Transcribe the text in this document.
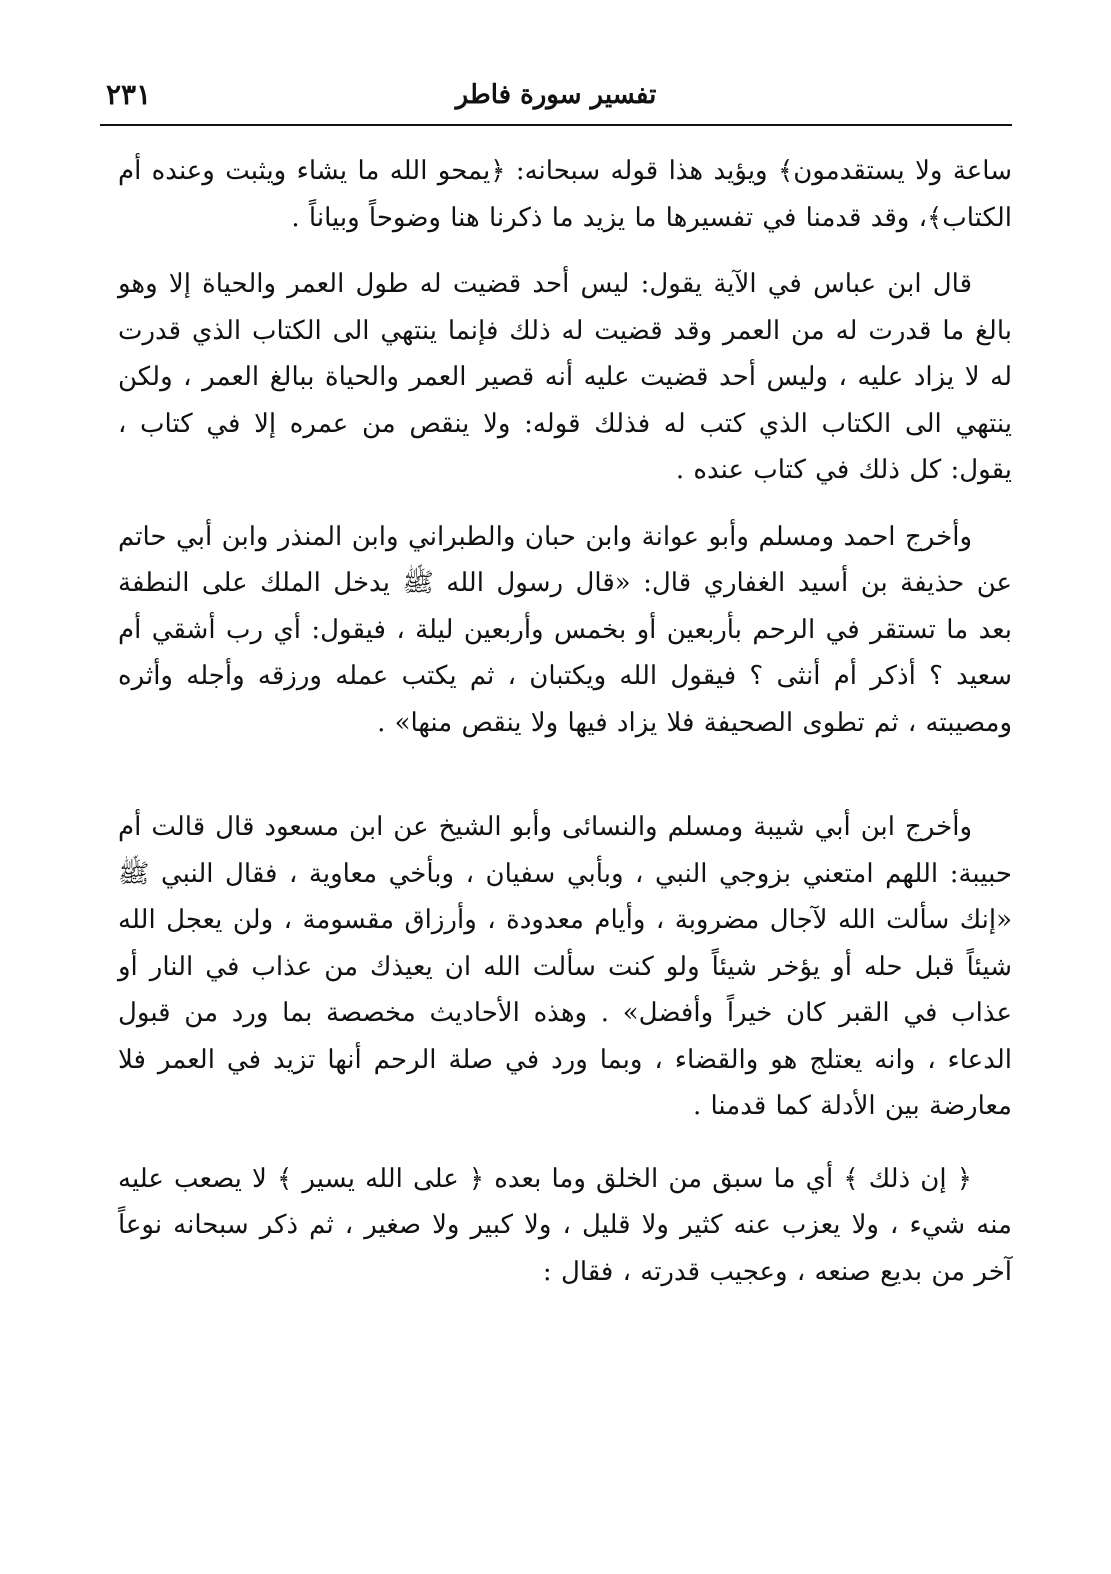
تفسير سورة فاطر
٢٣١

ساعة ولا يستقدمون﴾ ويؤيد هذا قوله سبحانه: ﴿يمحو الله ما يشاء ويثبت وعنده أم الكتاب﴾، وقد قدمنا في تفسيرها ما يزيد ما ذكرنا هنا وضوحاً وبياناً .

قال ابن عباس في الآية يقول: ليس أحد قضيت له طول العمر والحياة إلا وهو بالغ ما قدرت له من العمر وقد قضيت له ذلك فإنما ينتهي الى الكتاب الذي قدرت له لا يزاد عليه ، وليس أحد قضيت عليه أنه قصير العمر والحياة ببالغ العمر ، ولكن ينتهي الى الكتاب الذي كتب له فذلك قوله: ولا ينقص من عمره إلا في كتاب ، يقول: كل ذلك في كتاب عنده .

وأخرج احمد ومسلم وأبو عوانة وابن حبان والطبراني وابن المنذر وابن أبي حاتم عن حذيفة بن أسيد الغفاري قال: «قال رسول الله ﷺ يدخل الملك على النطفة بعد ما تستقر في الرحم بأربعين أو بخمس وأربعين ليلة ، فيقول: أي رب أشقي أم سعيد ؟ أذكر أم أنثى ؟ فيقول الله ويكتبان ، ثم يكتب عمله ورزقه وأجله وأثره ومصيبته ، ثم تطوى الصحيفة فلا يزاد فيها ولا ينقص منها» .

وأخرج ابن أبي شيبة ومسلم والنسائى وأبو الشيخ عن ابن مسعود قال قالت أم حبيبة: اللهم امتعني بزوجي النبي ، وبأبي سفيان ، وبأخي معاوية ، فقال النبي ﷺ «إنك سألت الله لآجال مضروبة ، وأيام معدودة ، وأرزاق مقسومة ، ولن يعجل الله شيئاً قبل حله أو يؤخر شيئاً ولو كنت سألت الله ان يعيذك من عذاب في النار أو عذاب في القبر كان خيراً وأفضل» . وهذه الأحاديث مخصصة بما ورد من قبول الدعاء ، وانه يعتلج هو والقضاء ، وبما ورد في صلة الرحم أنها تزيد في العمر فلا معارضة بين الأدلة كما قدمنا .

﴿ إن ذلك ﴾ أي ما سبق من الخلق وما بعده ﴿ على الله يسير ﴾ لا يصعب عليه منه شيء ، ولا يعزب عنه كثير ولا قليل ، ولا كبير ولا صغير ، ثم ذكر سبحانه نوعاً آخر من بديع صنعه ، وعجيب قدرته ، فقال :
